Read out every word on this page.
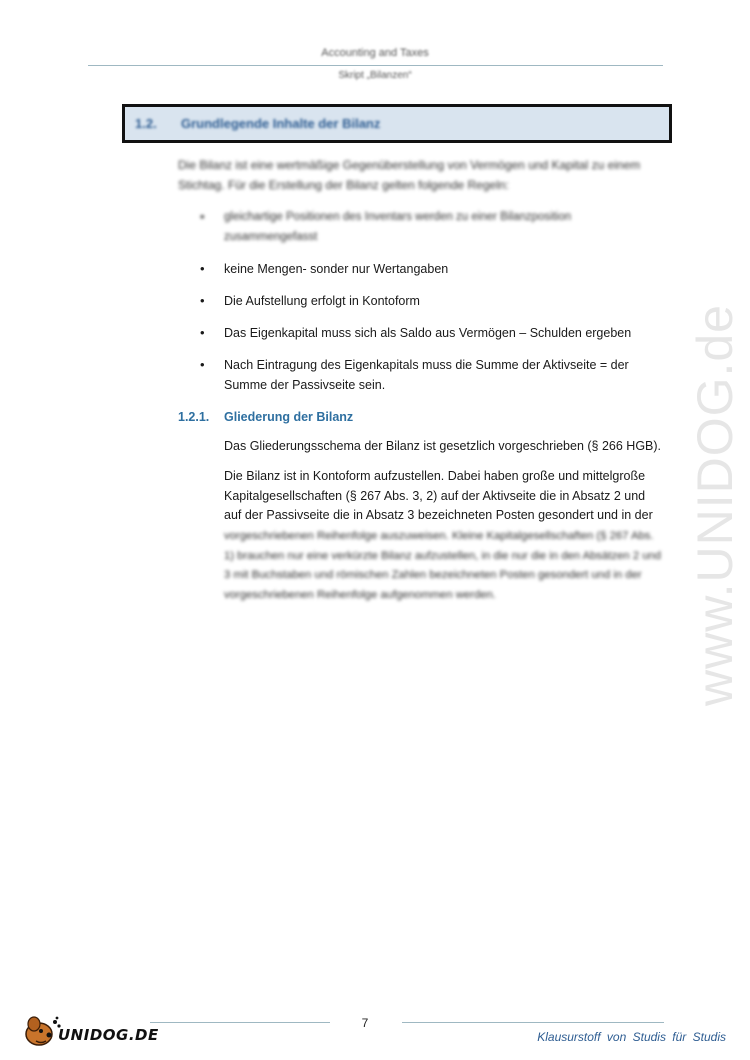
Accounting and Taxes
Skript „Bilanzen“
1.2. Grundlegende Inhalte der Bilanz
Die Bilanz ist eine wertmäßige Gegenüberstellung von Vermögen und Kapital zu einem Stichtag. Für die Erstellung der Bilanz gelten folgende Regeln:
• gleichartige Positionen des Inventars werden zu einer Bilanzposition zusammengefasst
• keine Mengen- sonder nur Wertangaben
• Die Aufstellung erfolgt in Kontoform
• Das Eigenkapital muss sich als Saldo aus Vermögen – Schulden ergeben
• Nach Eintragung des Eigenkapitals muss die Summe der Aktivseite = der Summe der Passivseite sein.
1.2.1. Gliederung der Bilanz
Das Gliederungsschema der Bilanz ist gesetzlich vorgeschrieben (§ 266 HGB).
Die Bilanz ist in Kontoform aufzustellen. Dabei haben große und mittelgroße Kapitalgesellschaften (§ 267 Abs. 3, 2) auf der Aktivseite die in Absatz 2 und auf der Passivseite die in Absatz 3 bezeichneten Posten gesondert und in der
vorgeschriebenen Reihenfolge auszuweisen. Kleine Kapitalgesellschaften (§ 267 Abs. 1) brauchen nur eine verkürzte Bilanz aufzustellen, in die nur die in den Absätzen 2 und 3 mit Buchstaben und römischen Zahlen bezeichneten Posten gesondert und in der vorgeschriebenen Reihenfolge aufgenommen werden.	www.UNIDOG.de
7
UNIDOG.DE	Klausurstoff von Studis für Studis
